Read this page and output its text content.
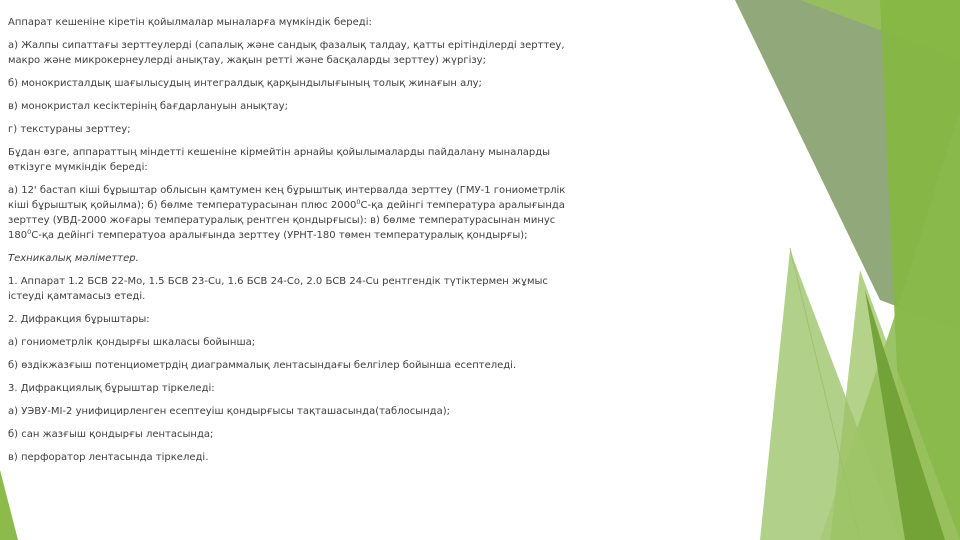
Аппарат кешеніне кіретін қойылмалар мыналарға мүмкіндік береді:

а) Жалпы сипаттағы зерттеулерді (сапалық және сандық фазалық талдау, қатты ерітінділерді зерттеу, макро және микрокернеулерді анықтау, жақын ретті және басқаларды зерттеу) жүргізу;

б) монокристалдық шағылысудың интегралдық қарқындылығының толық жинағын алу;

в) монокристал кесіктерінің бағдарлануын анықтау;

г) текстураны зерттеу;

Бұдан өзге, аппараттың міндетті кешеніне кірмейтін арнайы қойылымаларды пайдалану мыналарды өткізуге мүмкіндік береді:

а) 12' бастап кіші бұрыштар облысын қамтумен кең бұрыштық интервалда зерттеу (ГМУ-1 гониометрлік кіші бұрыштық қойылма); б) бөлме температурасынан плюс 2000$^0$С-қа дейінгі температура аралығында зерттеу (УВД-2000 жоғары температуралық рентген қондырғысы): в) бөлме температурасынан минус $180^0С-қа$ дейінгі температуоа аралығында зерттеу (УРНТ-180 төмен температуралық қондырғы);

Техникалық мәліметтер.

1. Аппарат 1.2 БСВ 22-Мо, 1.5 БСВ 23-Cu, 1.6 БСВ 24-Со, 2.0 БСВ 24-Cu рентгендік түтіктермен жұмыс істеуді қамтамасыз етеді.

2. Дифракция бұрыштары:

а) гониометрлік қондырғы шкаласы бойынша;

б) өздікжазғыш потенциометрдің диаграммалық лентасындағы белгілер бойынша есептеледі.

3. Дифракциялық бұрыштар тіркеледі:

а) УЭВУ-МІ-2 унифицирленген есептеуіш қондырғысы тақташасында(таблосында);

б) сан жазғыш қондырғы лентасында;

в) перфоратор лентасында тіркеледі.
